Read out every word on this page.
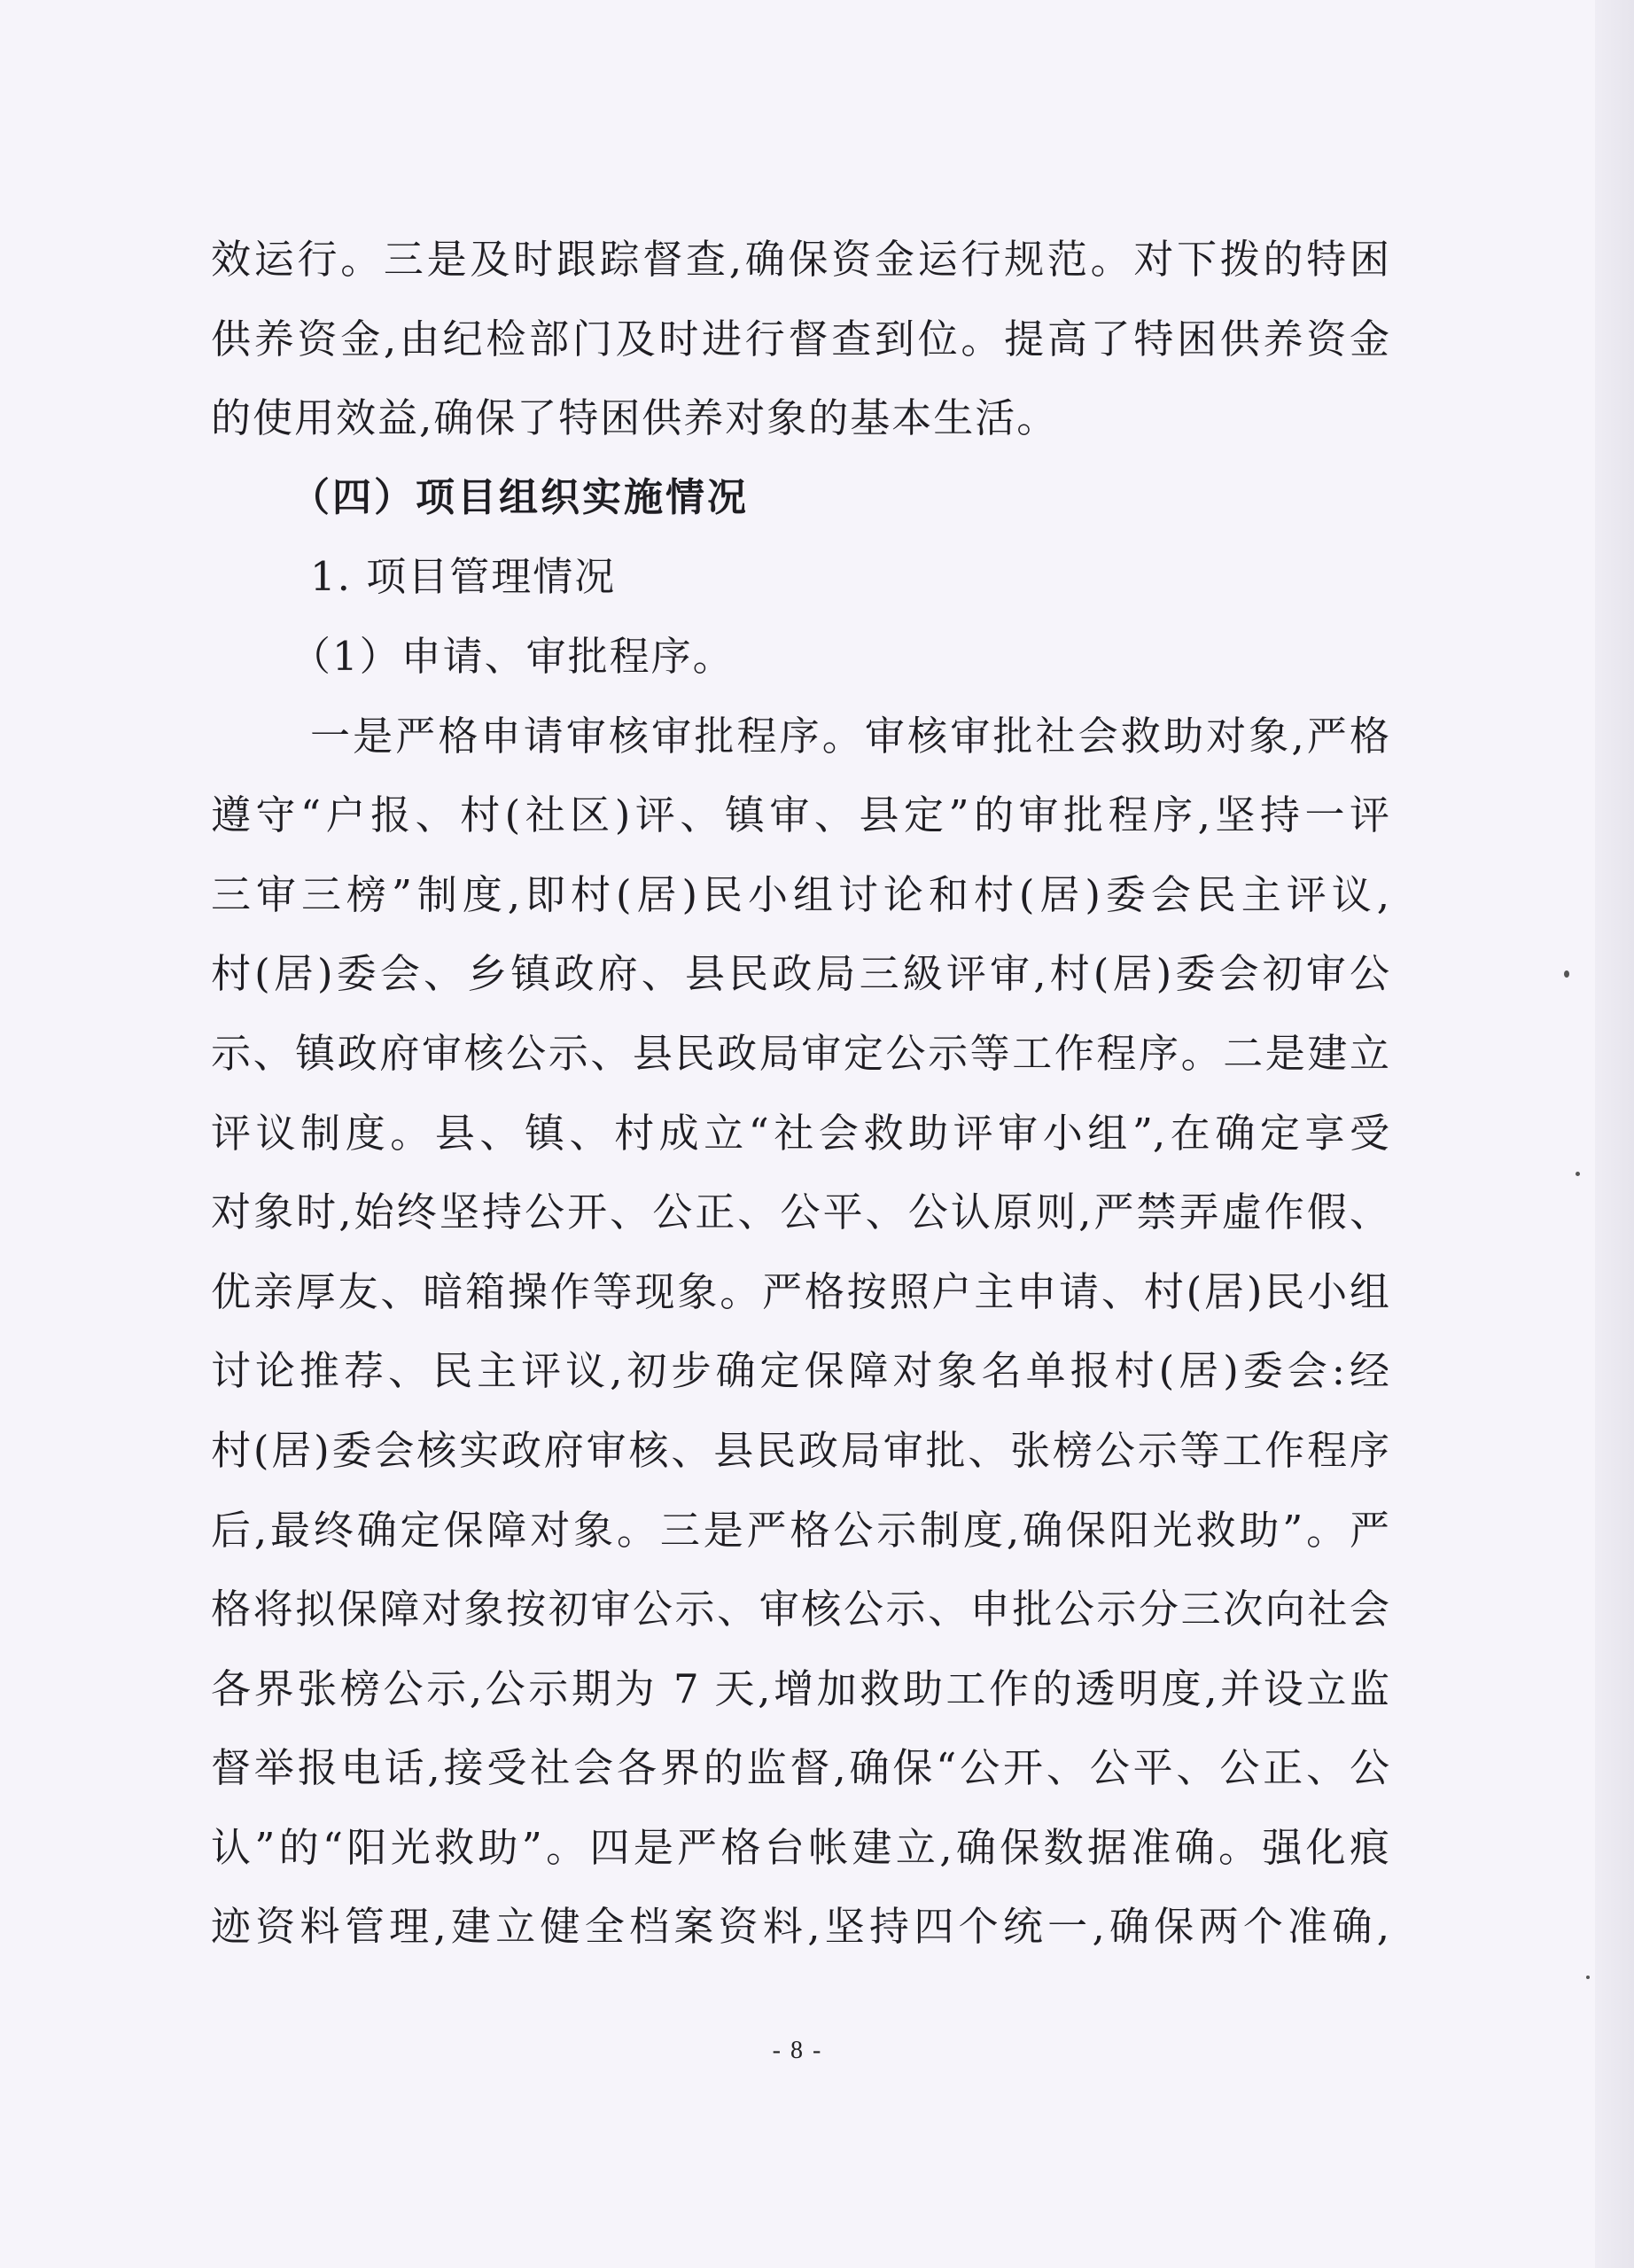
效运行。三是及时跟踪督查,确保资金运行规范。对下拨的特困
供养资金,由纪检部门及时进行督查到位。提高了特困供养资金
的使用效益,确保了特困供养对象的基本生活。
（四）项目组织实施情况
1. 项目管理情况
（1）申请、审批程序。
一是严格申请审核审批程序。审核审批社会救助对象,严格
遵守“户报、村(社区)评、镇审、县定”的审批程序,坚持一评
三审三榜”制度,即村(居)民小组讨论和村(居)委会民主评议,
村(居)委会、乡镇政府、县民政局三級评审,村(居)委会初审公
示、镇政府审核公示、县民政局审定公示等工作程序。二是建立
评议制度。县、镇、村成立“社会救助评审小组”,在确定享受
对象时,始终坚持公开、公正、公平、公认原则,严禁弄虛作假、
优亲厚友、暗箱操作等现象。严格按照户主申请、村(居)民小组
讨论推荐、民主评议,初步确定保障对象名单报村(居)委会:经
村(居)委会核实政府审核、县民政局审批、张榜公示等工作程序
后,最终确定保障对象。三是严格公示制度,确保阳光救助”。严
格将拟保障对象按初审公示、审核公示、申批公示分三次向社会
各界张榜公示,公示期为 7 天,增加救助工作的透明度,并设立监
督举报电话,接受社会各界的监督,确保“公开、公平、公正、公
认”的“阳光救助”。四是严格台帐建立,确保数据准确。强化痕
迹资料管理,建立健全档案资料,坚持四个统一,确保两个准确,
- 8 -
